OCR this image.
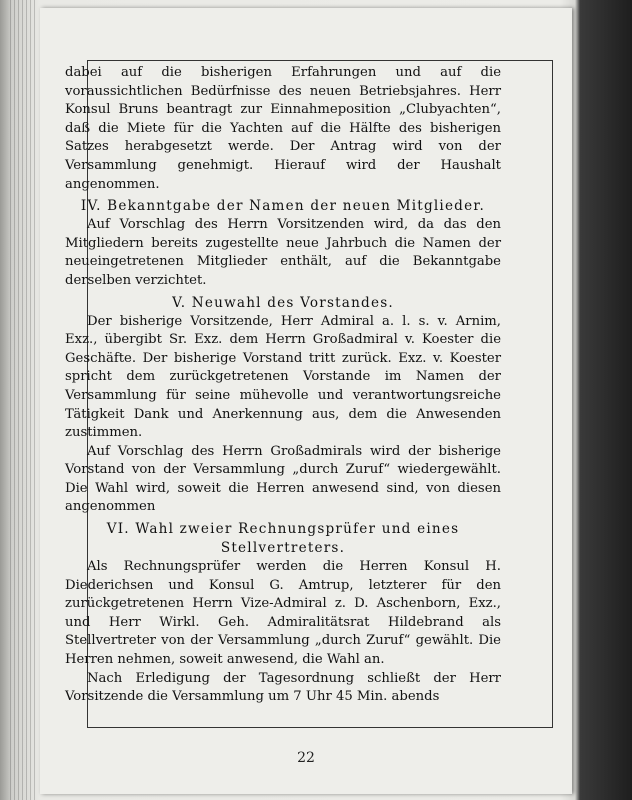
22

dabei auf die bisherigen Erfahrungen und auf die voraussichtlichen Bedürfnisse des neuen Betriebsjahres. Herr Konsul Bruns beantragt zur Einnahmeposition „Clubyachten“, daß die Miete für die Yachten auf die Hälfte des bisherigen Satzes herabgesetzt werde. Der Antrag wird von der Versammlung genehmigt. Hierauf wird der Haushalt angenommen.

IV. Bekanntgabe der Namen der neuen Mitglieder.

Auf Vorschlag des Herrn Vorsitzenden wird, da das den Mitgliedern bereits zugestellte neue Jahrbuch die Namen der neueingetretenen Mitglieder enthält, auf die Bekanntgabe derselben verzichtet.

V. Neuwahl des Vorstandes.

Der bisherige Vorsitzende, Herr Admiral a. l. s. v. Arnim, Exz., übergibt Sr. Exz. dem Herrn Großadmiral v. Koester die Geschäfte. Der bisherige Vorstand tritt zurück. Exz. v. Koester spricht dem zurückgetretenen Vorstande im Namen der Versammlung für seine mühevolle und verantwortungsreiche Tätigkeit Dank und Anerkennung aus, dem die Anwesenden zustimmen.

Auf Vorschlag des Herrn Großadmirals wird der bisherige Vorstand von der Versammlung „durch Zuruf“ wiedergewählt. Die Wahl wird, soweit die Herren anwesend sind, von diesen angenommen

VI. Wahl zweier Rechnungsprüfer und eines Stellvertreters.

Als Rechnungsprüfer werden die Herren Konsul H. Diederichsen und Konsul G. Amtrup, letzterer für den zurückgetretenen Herrn Vize-Admiral z. D. Aschenborn, Exz., und Herr Wirkl. Geh. Admiralitätsrat Hildebrand als Stellvertreter von der Versammlung „durch Zuruf“ gewählt. Die Herren nehmen, soweit anwesend, die Wahl an.

Nach Erledigung der Tagesordnung schließt der Herr Vorsitzende die Versammlung um 7 Uhr 45 Min. abends
